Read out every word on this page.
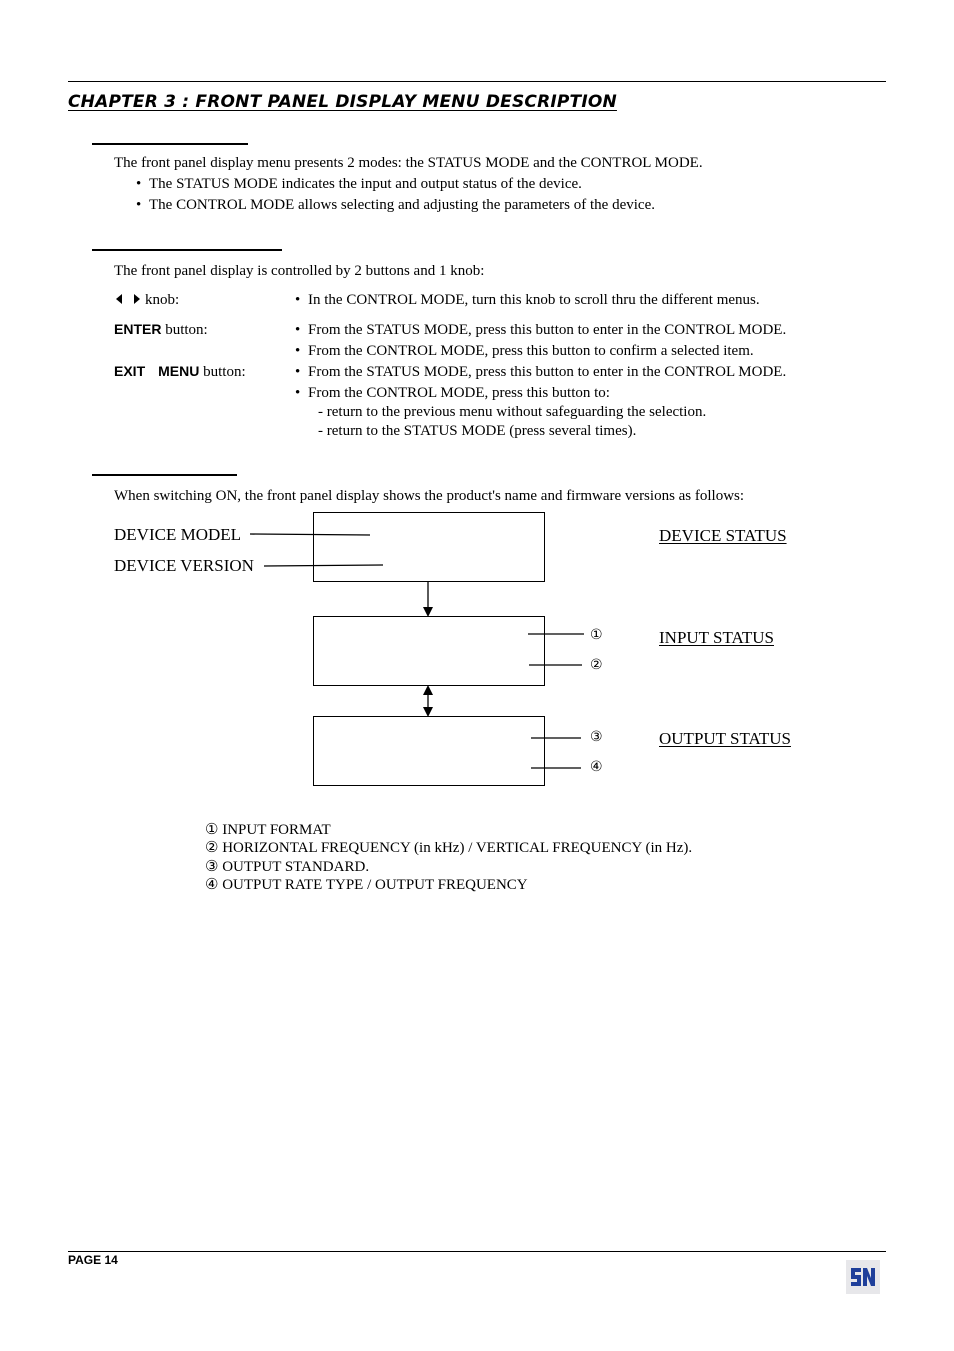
CHAPTER 3 : FRONT PANEL DISPLAY MENU DESCRIPTION
The front panel display menu presents 2 modes: the STATUS MODE and the CONTROL MODE.
• The STATUS MODE indicates the input and output status of the device.
• The CONTROL MODE allows selecting and adjusting the parameters of the device.
The front panel display is controlled by 2 buttons and 1 knob:
knob:	• In the CONTROL MODE, turn this knob to scroll thru the different menus.
ENTER button:	• From the STATUS MODE, press this button to enter in the CONTROL MODE.
• From the CONTROL MODE, press this button to confirm a selected item.
EXIT MENU button:	• From the STATUS MODE, press this button to enter in the CONTROL MODE.
• From the CONTROL MODE, press this button to:
- return to the previous menu without safeguarding the selection.
- return to the STATUS MODE (press several times).
When switching ON, the front panel display shows the product's name and firmware versions as follows:
DEVICE MODEL
DEVICE VERSION
①
②
③
④
DEVICE STATUS
INPUT STATUS
OUTPUT STATUS
① INPUT FORMAT
② HORIZONTAL FREQUENCY (in kHz) / VERTICAL FREQUENCY (in Hz).
③ OUTPUT STANDARD.
④ OUTPUT RATE TYPE / OUTPUT FREQUENCY
PAGE 14
